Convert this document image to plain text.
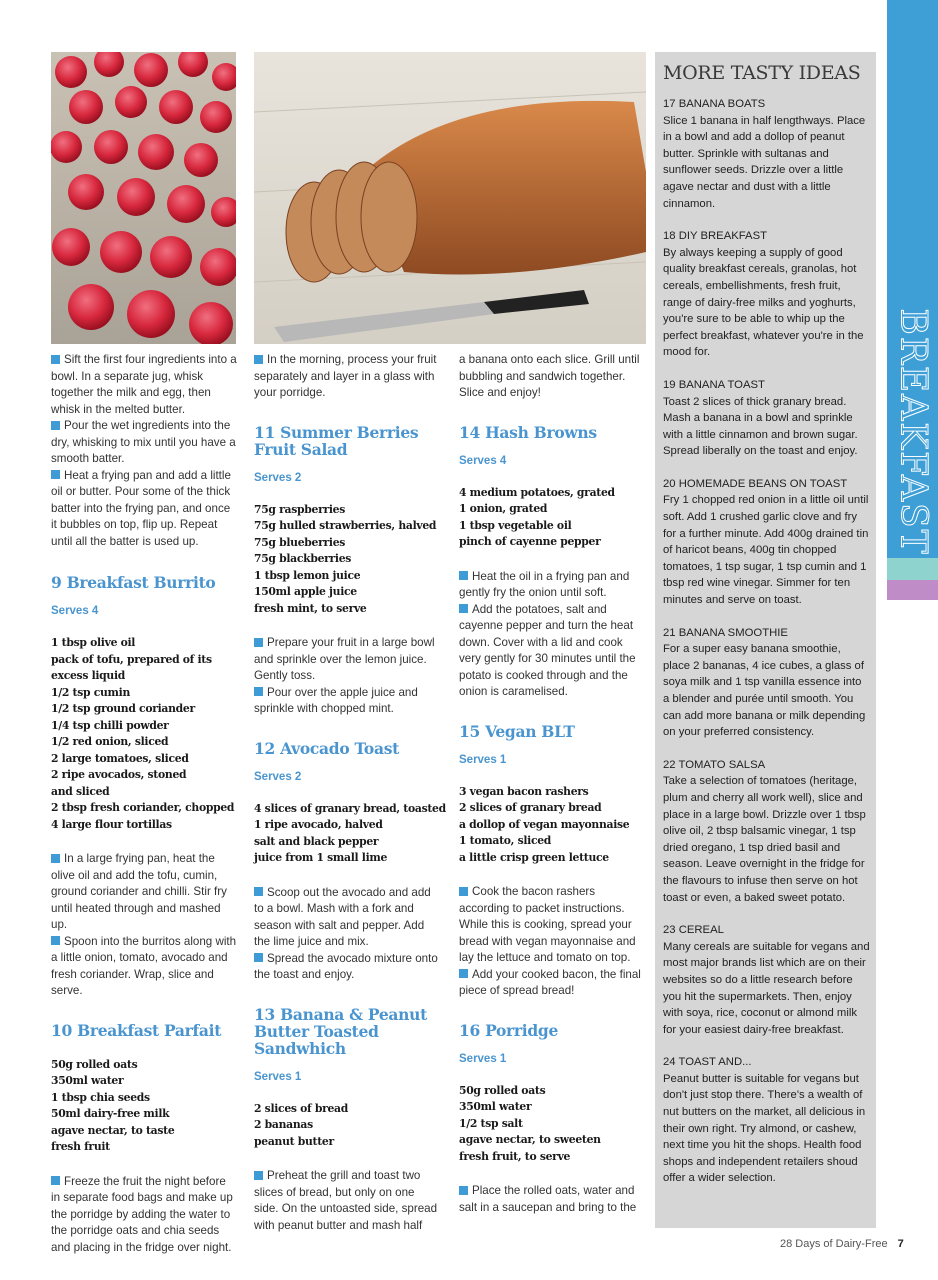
Sift the first four ingredients into a bowl. In a separate jug, whisk together the milk and egg, then whisk in the melted butter.

Pour the wet ingredients into the dry, whisking to mix until you have a smooth batter.

Heat a frying pan and add a little oil or butter. Pour some of the thick batter into the frying pan, and once it bubbles on top, flip up. Repeat until all the batter is used up.

9 Breakfast Burrito
Serves 4
1 tbsp olive oil
pack of tofu, prepared of its
excess liquid
1/2 tsp cumin
1/2 tsp ground coriander
1/4 tsp chilli powder
1/2 red onion, sliced
2 large tomatoes, sliced
2 ripe avocados, stoned
and sliced
2 tbsp fresh coriander, chopped
4 large flour tortillas

In a large frying pan, heat the olive oil and add the tofu, cumin, ground coriander and chilli. Stir fry until heated through and mashed up.

Spoon into the burritos along with a little onion, tomato, avocado and fresh coriander. Wrap, slice and serve.

10 Breakfast Parfait
50g rolled oats
350ml water
1 tbsp chia seeds
50ml dairy-free milk
agave nectar, to taste
fresh fruit

Freeze the fruit the night before in separate food bags and make up the porridge by adding the water to the porridge oats and chia seeds and placing in the fridge over night.

In the morning, process your fruit separately and layer in a glass with your porridge.

11 Summer Berries Fruit Salad
Serves 2
75g raspberries
75g hulled strawberries, halved
75g blueberries
75g blackberries
1 tbsp lemon juice
150ml apple juice
fresh mint, to serve

Prepare your fruit in a large bowl and sprinkle over the lemon juice. Gently toss.

Pour over the apple juice and sprinkle with chopped mint.

12 Avocado Toast
Serves 2
4 slices of granary bread, toasted
1 ripe avocado, halved
salt and black pepper
juice from 1 small lime

Scoop out the avocado and add to a bowl. Mash with a fork and season with salt and pepper. Add the lime juice and mix.

Spread the avocado mixture onto the toast and enjoy.

13 Banana & Peanut Butter Toasted Sandwhich
Serves 1
2 slices of bread
2 bananas
peanut butter

Preheat the grill and toast two slices of bread, but only on one side. On the untoasted side, spread with peanut butter and mash half

a banana onto each slice. Grill until bubbling and sandwich together. Slice and enjoy!

14 Hash Browns
Serves 4
4 medium potatoes, grated
1 onion, grated
1 tbsp vegetable oil
pinch of cayenne pepper

Heat the oil in a frying pan and gently fry the onion until soft.

Add the potatoes, salt and cayenne pepper and turn the heat down. Cover with a lid and cook very gently for 30 minutes until the potato is cooked through and the onion is caramelised.

15 Vegan BLT
Serves 1
3 vegan bacon rashers
2 slices of granary bread
a dollop of vegan mayonnaise
1 tomato, sliced
a little crisp green lettuce

Cook the bacon rashers according to packet instructions. While this is cooking, spread your bread with vegan mayonnaise and lay the lettuce and tomato on top.

Add your cooked bacon, the final piece of spread bread!

16 Porridge
Serves 1
50g rolled oats
350ml water
1/2 tsp salt
agave nectar, to sweeten
fresh fruit, to serve

Place the rolled oats, water and salt in a saucepan and bring to the

MORE TASTY IDEAS
17 BANANA BOATS
Slice 1 banana in half lengthways. Place in a bowl and add a dollop of peanut butter. Sprinkle with sultanas and sunflower seeds. Drizzle over a little agave nectar and dust with a little cinnamon.
18 DIY BREAKFAST
By always keeping a supply of good quality breakfast cereals, granolas, hot cereals, embellishments, fresh fruit, range of dairy-free milks and yoghurts, you're sure to be able to whip up the perfect breakfast, whatever you're in the mood for.
19 BANANA TOAST
Toast 2 slices of thick granary bread. Mash a banana in a bowl and sprinkle with a little cinnamon and brown sugar. Spread liberally on the toast and enjoy.
20 HOMEMADE BEANS ON TOAST
Fry 1 chopped red onion in a little oil until soft. Add 1 crushed garlic clove and fry for a further minute. Add 400g drained tin of haricot beans, 400g tin chopped tomatoes, 1 tsp sugar, 1 tsp cumin and 1 tbsp red wine vinegar. Simmer for ten minutes and serve on toast.
21 BANANA SMOOTHIE
For a super easy banana smoothie, place 2 bananas, 4 ice cubes, a glass of soya milk and 1 tsp vanilla essence into a blender and purée until smooth. You can add more banana or milk depending on your preferred consistency.
22 TOMATO SALSA
Take a selection of tomatoes (heritage, plum and cherry all work well), slice and place in a large bowl. Drizzle over 1 tbsp olive oil, 2 tbsp balsamic vinegar, 1 tsp dried oregano, 1 tsp dried basil and season. Leave overnight in the fridge for the flavours to infuse then serve on hot toast or even, a baked sweet potato.
23 CEREAL
Many cereals are suitable for vegans and most major brands list which are on their websites so do a little research before you hit the supermarkets. Then, enjoy with soya, rice, coconut or almond milk for your easiest dairy-free breakfast.
24 TOAST AND...
Peanut butter is suitable for vegans but don't just stop there. There's a wealth of nut butters on the market, all delicious in their own right. Try almond, or cashew, next time you hit the shops. Health food shops and independent retailers shoud offer a wider selection.
BREAKFAST
28 Days of Dairy-Free 7
